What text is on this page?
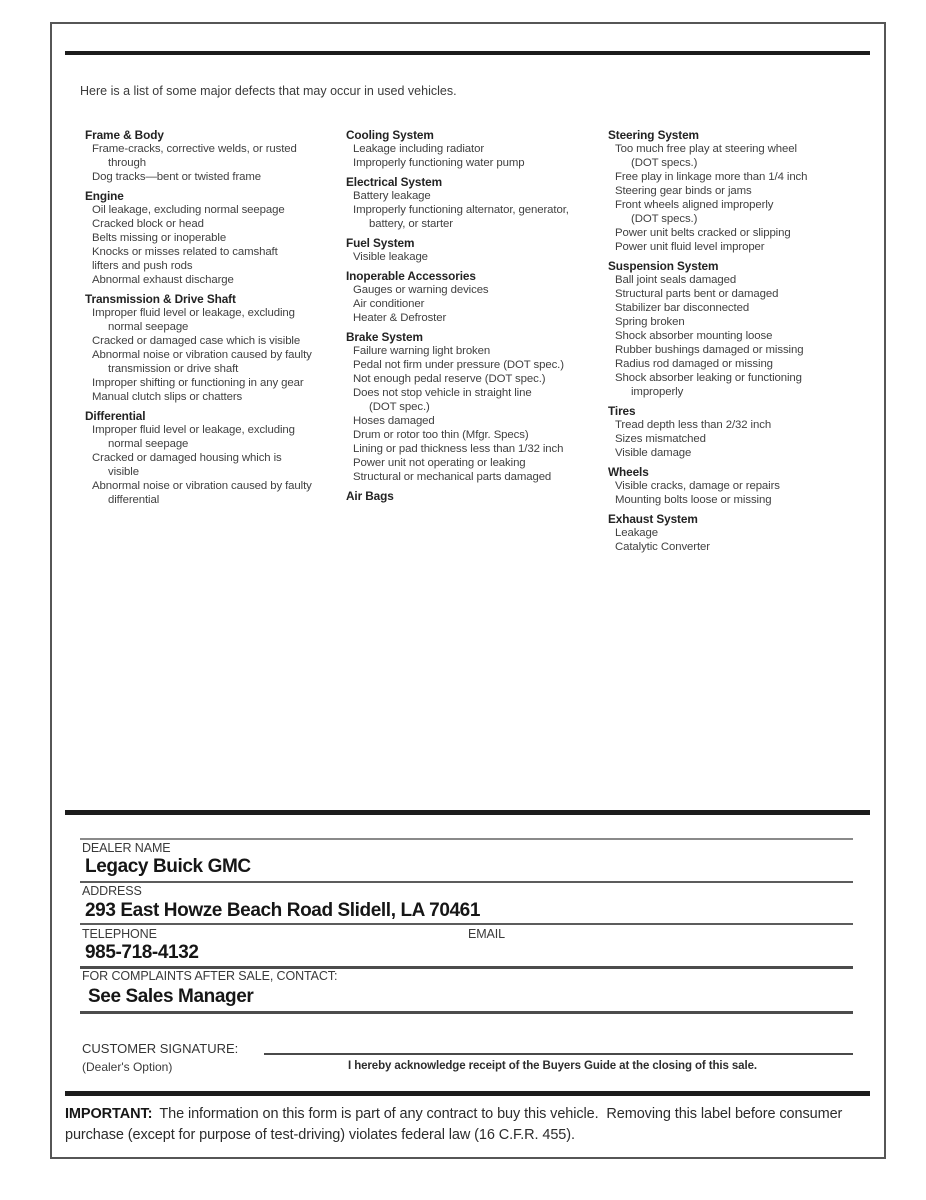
Here is a list of some major defects that may occur in used vehicles.
Frame & Body
Frame-cracks, corrective welds, or rusted
through
Dog tracks—bent or twisted frame
Engine
Oil leakage, excluding normal seepage
Cracked block or head
Belts missing or inoperable
Knocks or misses related to camshaft
lifters and push rods
Abnormal exhaust discharge
Transmission & Drive Shaft
Improper fluid level or leakage, excluding
normal seepage
Cracked or damaged case which is visible
Abnormal noise or vibration caused by faulty
transmission or drive shaft
Improper shifting or functioning in any gear
Manual clutch slips or chatters
Differential
Improper fluid level or leakage, excluding
normal seepage
Cracked or damaged housing which is
visible
Abnormal noise or vibration caused by faulty
differential
Cooling System
Leakage including radiator
Improperly functioning water pump
Electrical System
Battery leakage
Improperly functioning alternator, generator,
battery, or starter
Fuel System
Visible leakage
Inoperable Accessories
Gauges or warning devices
Air conditioner
Heater & Defroster
Brake System
Failure warning light broken
Pedal not firm under pressure (DOT spec.)
Not enough pedal reserve (DOT spec.)
Does not stop vehicle in straight line
(DOT spec.)
Hoses damaged
Drum or rotor too thin (Mfgr. Specs)
Lining or pad thickness less than 1/32 inch
Power unit not operating or leaking
Structural or mechanical parts damaged
Air Bags
Steering System
Too much free play at steering wheel
(DOT specs.)
Free play in linkage more than 1/4 inch
Steering gear binds or jams
Front wheels aligned improperly
(DOT specs.)
Power unit belts cracked or slipping
Power unit fluid level improper
Suspension System
Ball joint seals damaged
Structural parts bent or damaged
Stabilizer bar disconnected
Spring broken
Shock absorber mounting loose
Rubber bushings damaged or missing
Radius rod damaged or missing
Shock absorber leaking or functioning
improperly
Tires
Tread depth less than 2/32 inch
Sizes mismatched
Visible damage
Wheels
Visible cracks, damage or repairs
Mounting bolts loose or missing
Exhaust System
Leakage
Catalytic Converter
DEALER NAME
Legacy Buick GMC
ADDRESS
293 East Howze Beach Road Slidell, LA 70461
TELEPHONE	EMAIL
985-718-4132
FOR COMPLAINTS AFTER SALE, CONTACT:
See Sales Manager
CUSTOMER SIGNATURE:
(Dealer's Option)	I hereby acknowledge receipt of the Buyers Guide at the closing of this sale.
IMPORTANT: The information on this form is part of any contract to buy this vehicle.  Removing this label before consumer purchase (except for purpose of test-driving) violates federal law (16 C.F.R. 455).
